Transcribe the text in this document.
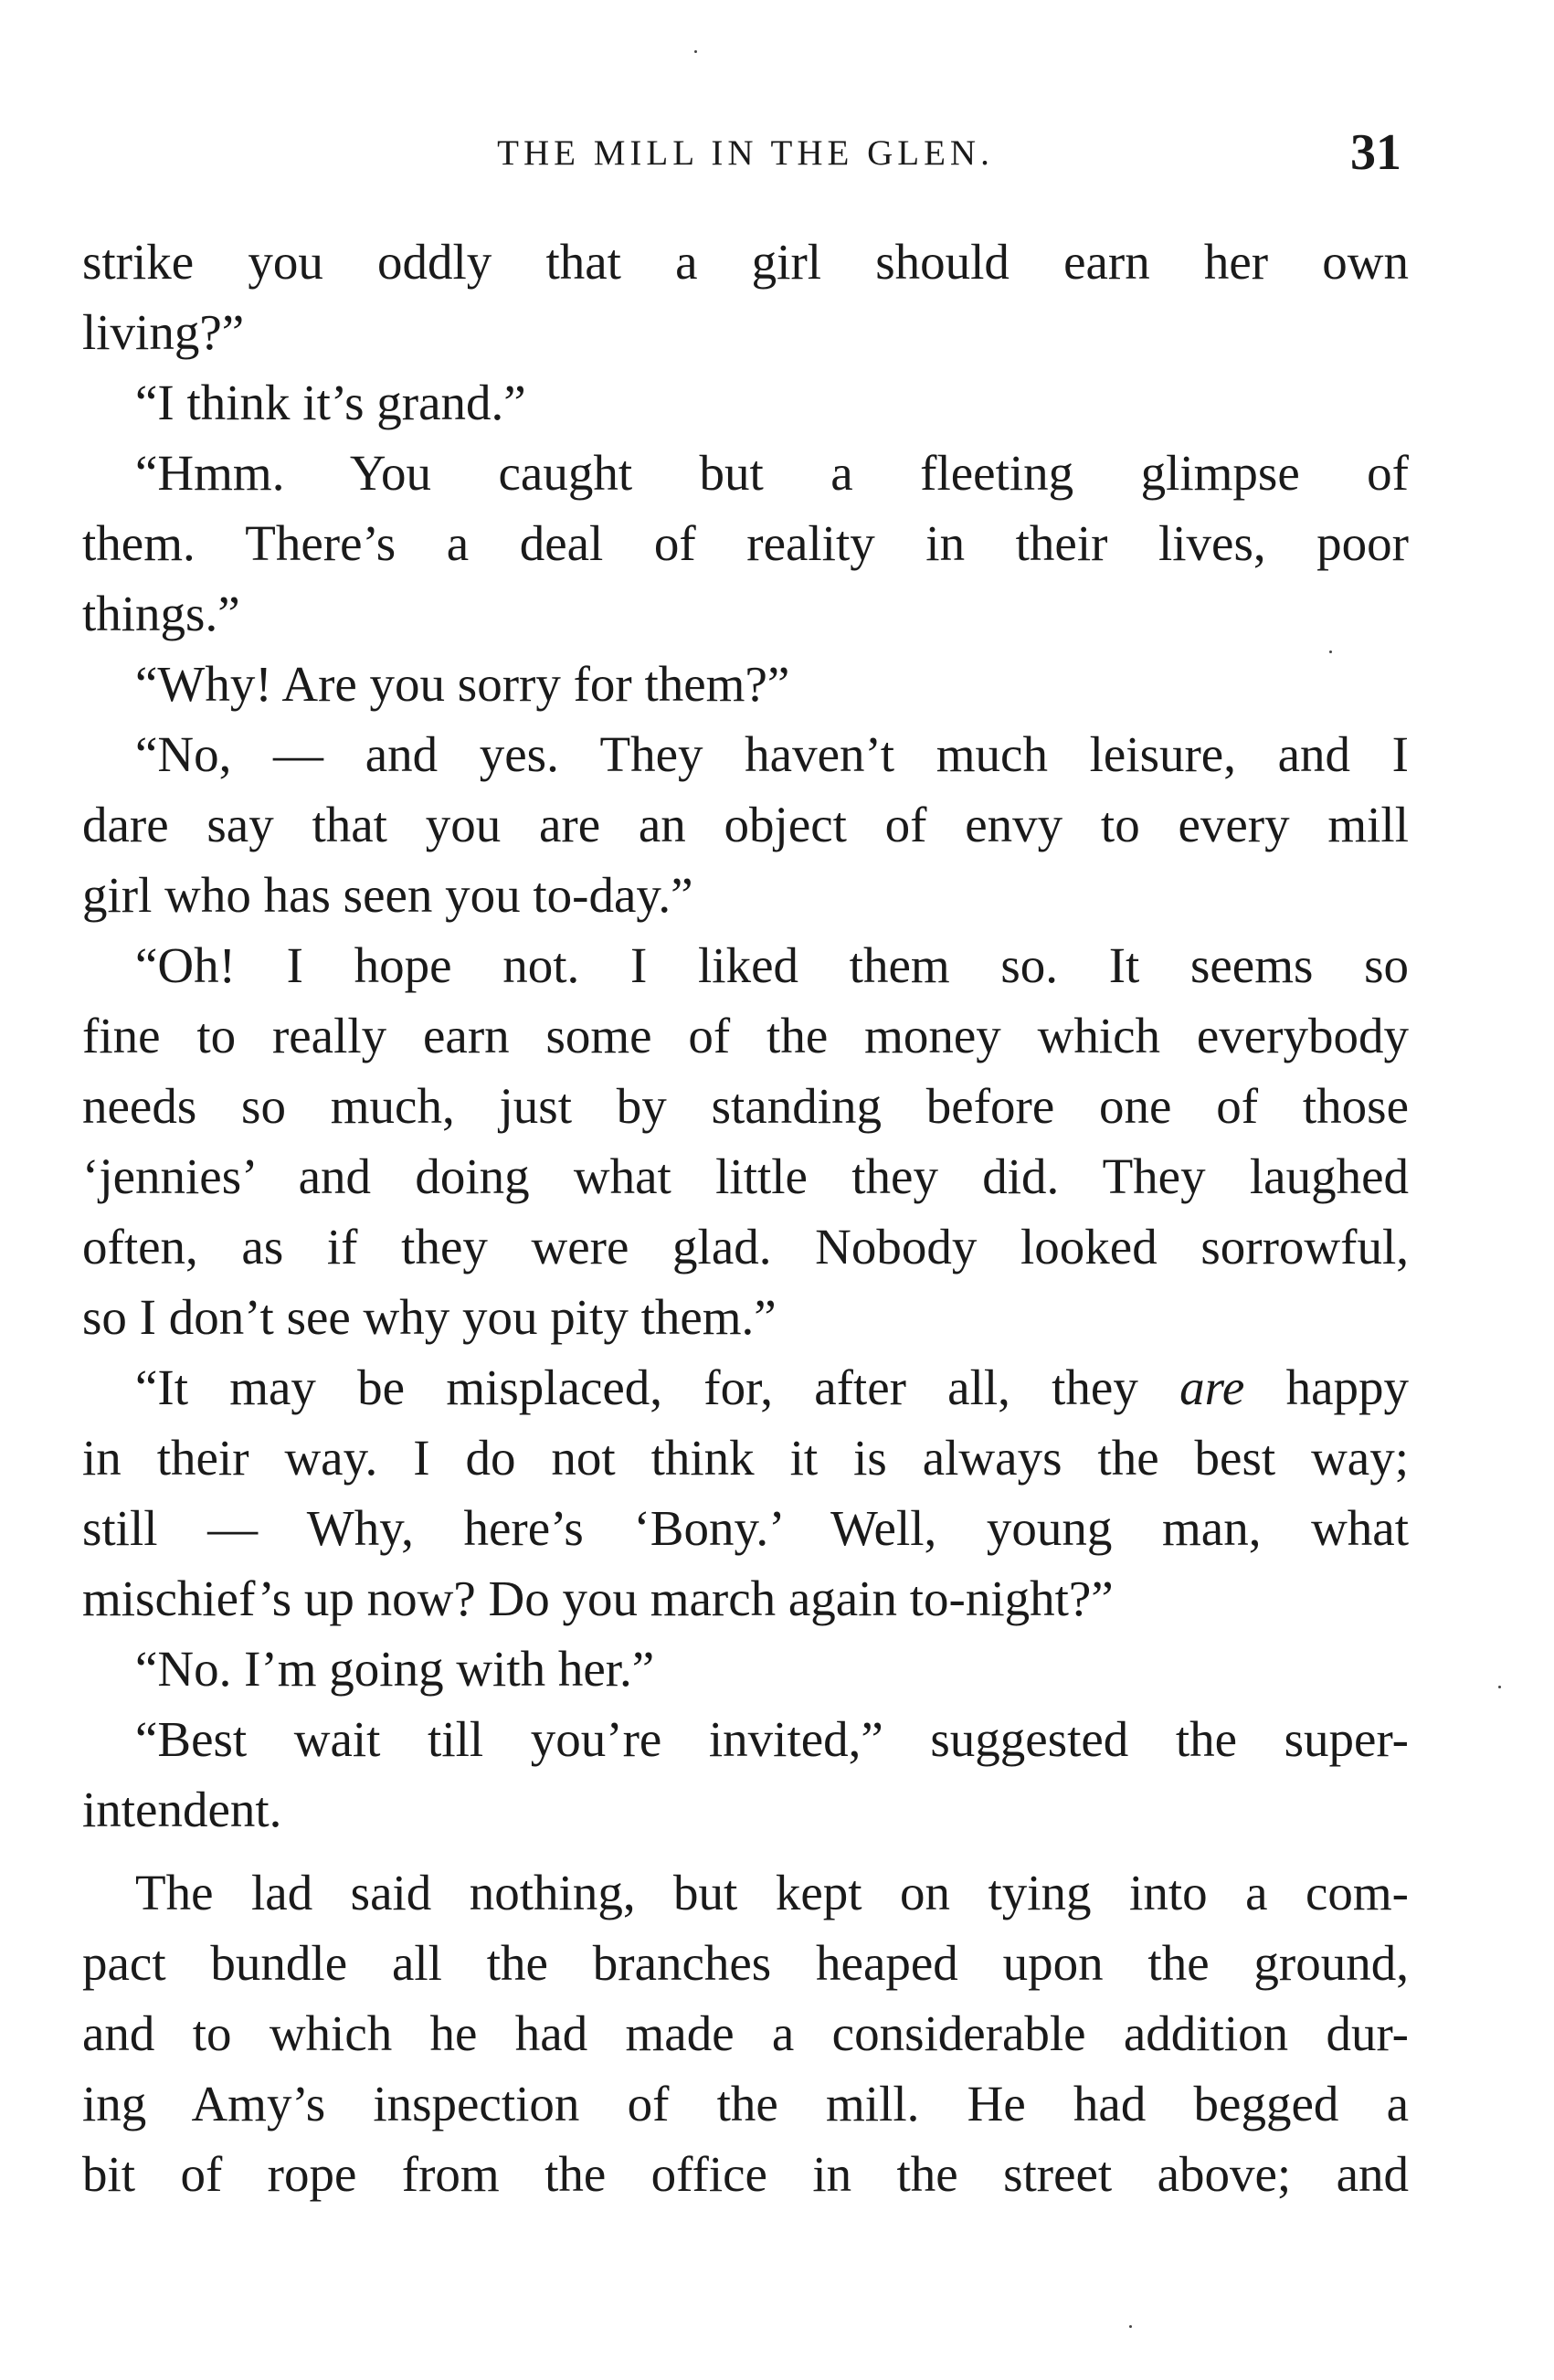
THE MILL IN THE GLEN.	31
strike you oddly that a girl should earn her own
living?”
“I think it’s grand.”
“Hmm. You caught but a fleeting glimpse of
them. There’s a deal of reality in their lives, poor
things.”
“Why! Are you sorry for them?”
“No, — and yes. They haven’t much leisure, and I
dare say that you are an object of envy to every mill
girl who has seen you to-day.”
“Oh! I hope not. I liked them so. It seems so
fine to really earn some of the money which everybody
needs so much, just by standing before one of those
‘jennies’ and doing what little they did. They laughed
often, as if they were glad. Nobody looked sorrowful,
so I don’t see why you pity them.”
“It may be misplaced, for, after all, they are happy
in their way. I do not think it is always the best way;
still — Why, here’s ‘Bony.’ Well, young man, what
mischief’s up now? Do you march again to-night?”
“No. I’m going with her.”
“Best wait till you’re invited,” suggested the super-
intendent.
The lad said nothing, but kept on tying into a com-
pact bundle all the branches heaped upon the ground,
and to which he had made a considerable addition dur-
ing Amy’s inspection of the mill. He had begged a
bit of rope from the office in the street above; and
